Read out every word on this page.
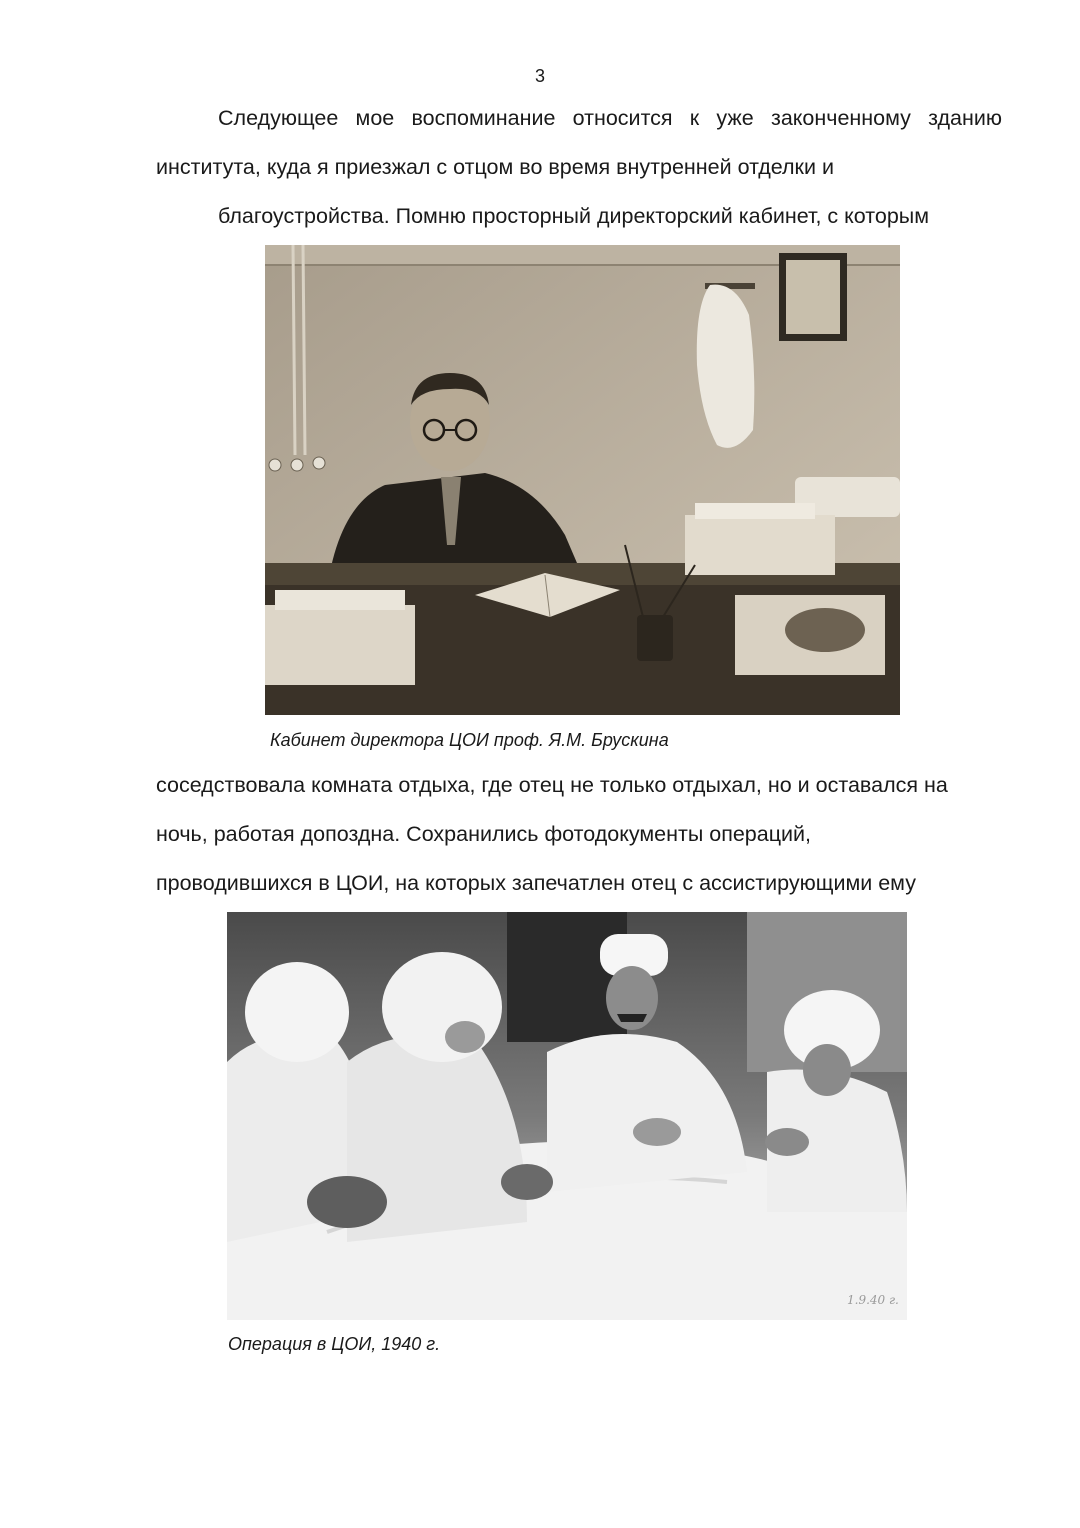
3

Следующее мое воспоминание относится к уже законченному зданию института, куда я приезжал с отцом во время внутренней отделки и
благоустройства. Помню просторный директорский кабинет, с которым

Кабинет директора ЦОИ проф. Я.М. Брускина

соседствовала комната отдыха, где отец не только отдыхал, но и оставался на
ночь, работая допоздна. Сохранились фотодокументы операций,
проводившихся в ЦОИ, на которых запечатлен отец с ассистирующими ему

1.9.40 г.
Операция в ЦОИ, 1940 г.
